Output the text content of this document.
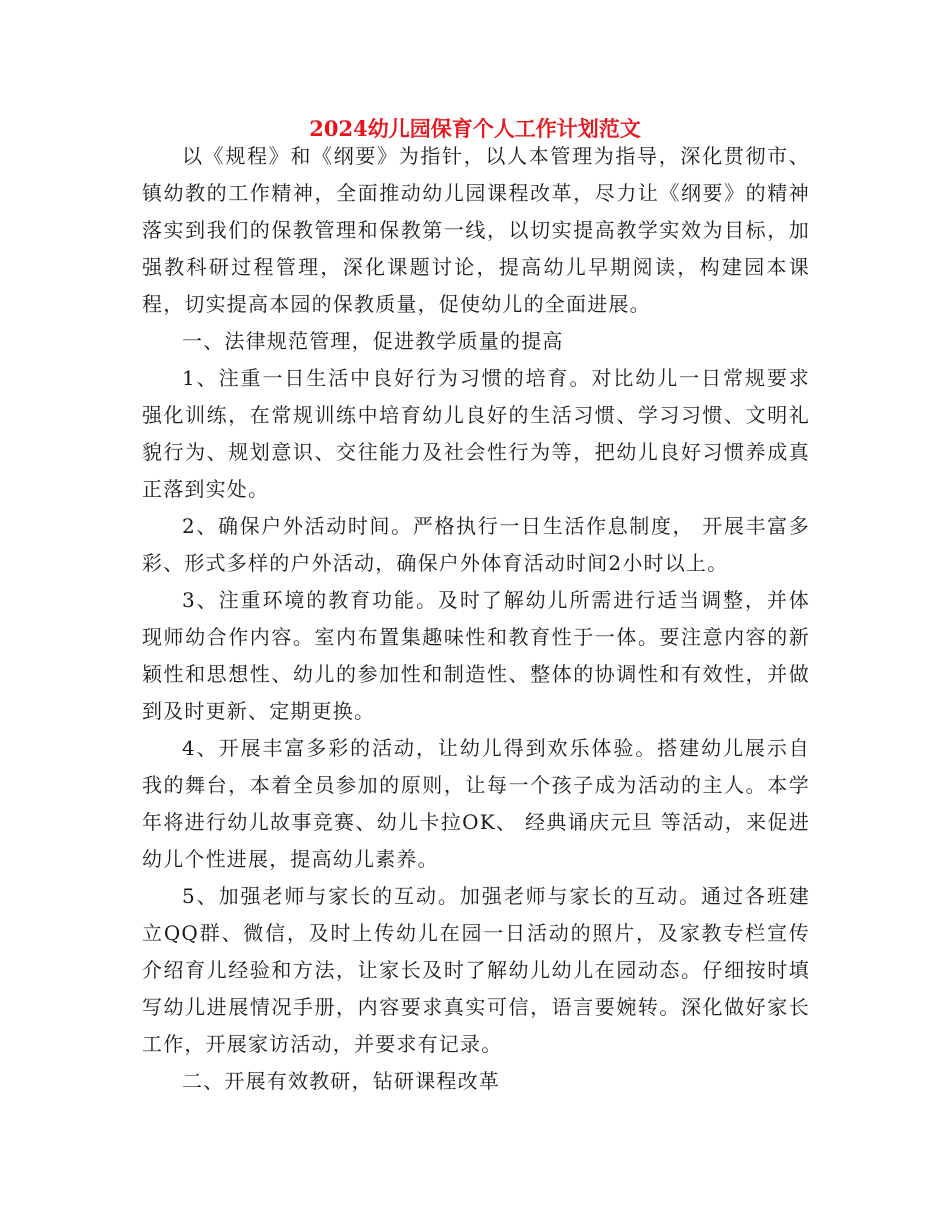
2024幼儿园保育个人工作计划范文

以《规程》和《纲要》为指针，以人本管理为指导，深化贯彻市、镇幼教的工作精神，全面推动幼儿园课程改革，尽力让《纲要》的精神落实到我们的保教管理和保教第一线，以切实提高教学实效为目标，加强教科研过程管理，深化课题讨论，提高幼儿早期阅读，构建园本课程，切实提高本园的保教质量，促使幼儿的全面进展。

一、法律规范管理，促进教学质量的提高

1、注重一日生活中良好行为习惯的培育。对比幼儿一日常规要求强化训练，在常规训练中培育幼儿良好的生活习惯、学习习惯、文明礼貌行为、规划意识、交往能力及社会性行为等，把幼儿良好习惯养成真正落到实处。

2、确保户外活动时间。严格执行一日生活作息制度， 开展丰富多彩、形式多样的户外活动，确保户外体育活动时间2小时以上。

3、注重环境的教育功能。及时了解幼儿所需进行适当调整，并体现师幼合作内容。室内布置集趣味性和教育性于一体。要注意内容的新颖性和思想性、幼儿的参加性和制造性、整体的协调性和有效性，并做到及时更新、定期更换。

4、开展丰富多彩的活动，让幼儿得到欢乐体验。搭建幼儿展示自我的舞台，本着全员参加的原则，让每一个孩子成为活动的主人。本学年将进行幼儿故事竞赛、幼儿卡拉OK、 经典诵庆元旦 等活动，来促进幼儿个性进展，提高幼儿素养。

5、加强老师与家长的互动。加强老师与家长的互动。通过各班建立QQ群、微信，及时上传幼儿在园一日活动的照片，及家教专栏宣传介绍育儿经验和方法，让家长及时了解幼儿幼儿在园动态。仔细按时填写幼儿进展情况手册，内容要求真实可信，语言要婉转。深化做好家长工作，开展家访活动，并要求有记录。

二、开展有效教研，钻研课程改革
